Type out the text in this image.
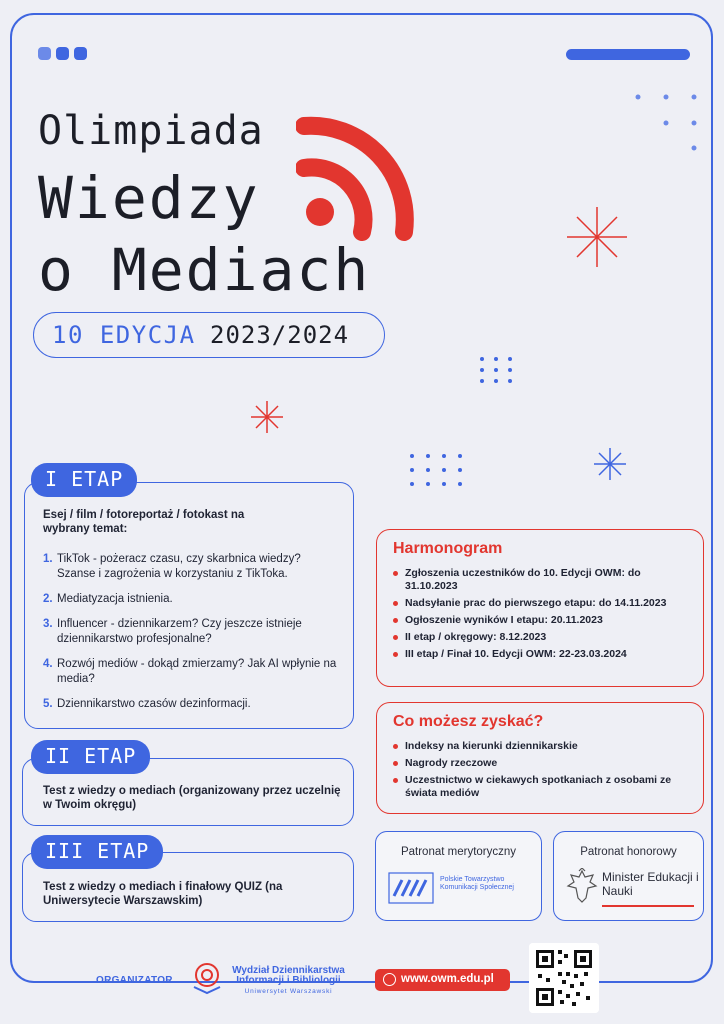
Olimpiada
Wiedzy
o Mediach
10 EDYCJA 2023/2024
Esej / film / fotoreportaż / fotokast na wybrany temat:
1. TikTok - pożeracz czasu, czy skarbnica wiedzy? Szanse i zagrożenia w korzystaniu z TikToka.
2. Mediatyzacja istnienia.
3. Influencer - dziennikarzem? Czy jeszcze istnieje dziennikarstwo profesjonalne?
4. Rozwój mediów - dokąd zmierzamy? Jak AI wpłynie na media?
5. Dziennikarstwo czasów dezinformacji.
I ETAP
Test z wiedzy o mediach (organizowany przez uczelnię w Twoim okręgu)
II ETAP
Test z wiedzy o mediach i finałowy QUIZ (na Uniwersytecie Warszawskim)
III ETAP
Harmonogram
Zgłoszenia uczestników do 10. Edycji OWM: do 31.10.2023
Nadsyłanie prac do pierwszego etapu: do 14.11.2023
Ogłoszenie wyników I etapu: 20.11.2023
II etap / okręgowy: 8.12.2023
III etap / Finał 10. Edycji OWM: 22-23.03.2024
Co możesz zyskać?
Indeksy na kierunki dziennikarskie
Nagrody rzeczowe
Uczestnictwo w ciekawych spotkaniach z osobami ze świata mediów
Patronat merytoryczny
Polskie Towarzystwo Komunikacji Społecznej
Patronat honorowy
Minister Edukacji i Nauki
ORGANIZATOR
Wydział Dziennikarstwa Informacji i Bibliologii
Uniwersytet Warszawski
www.owm.edu.pl
